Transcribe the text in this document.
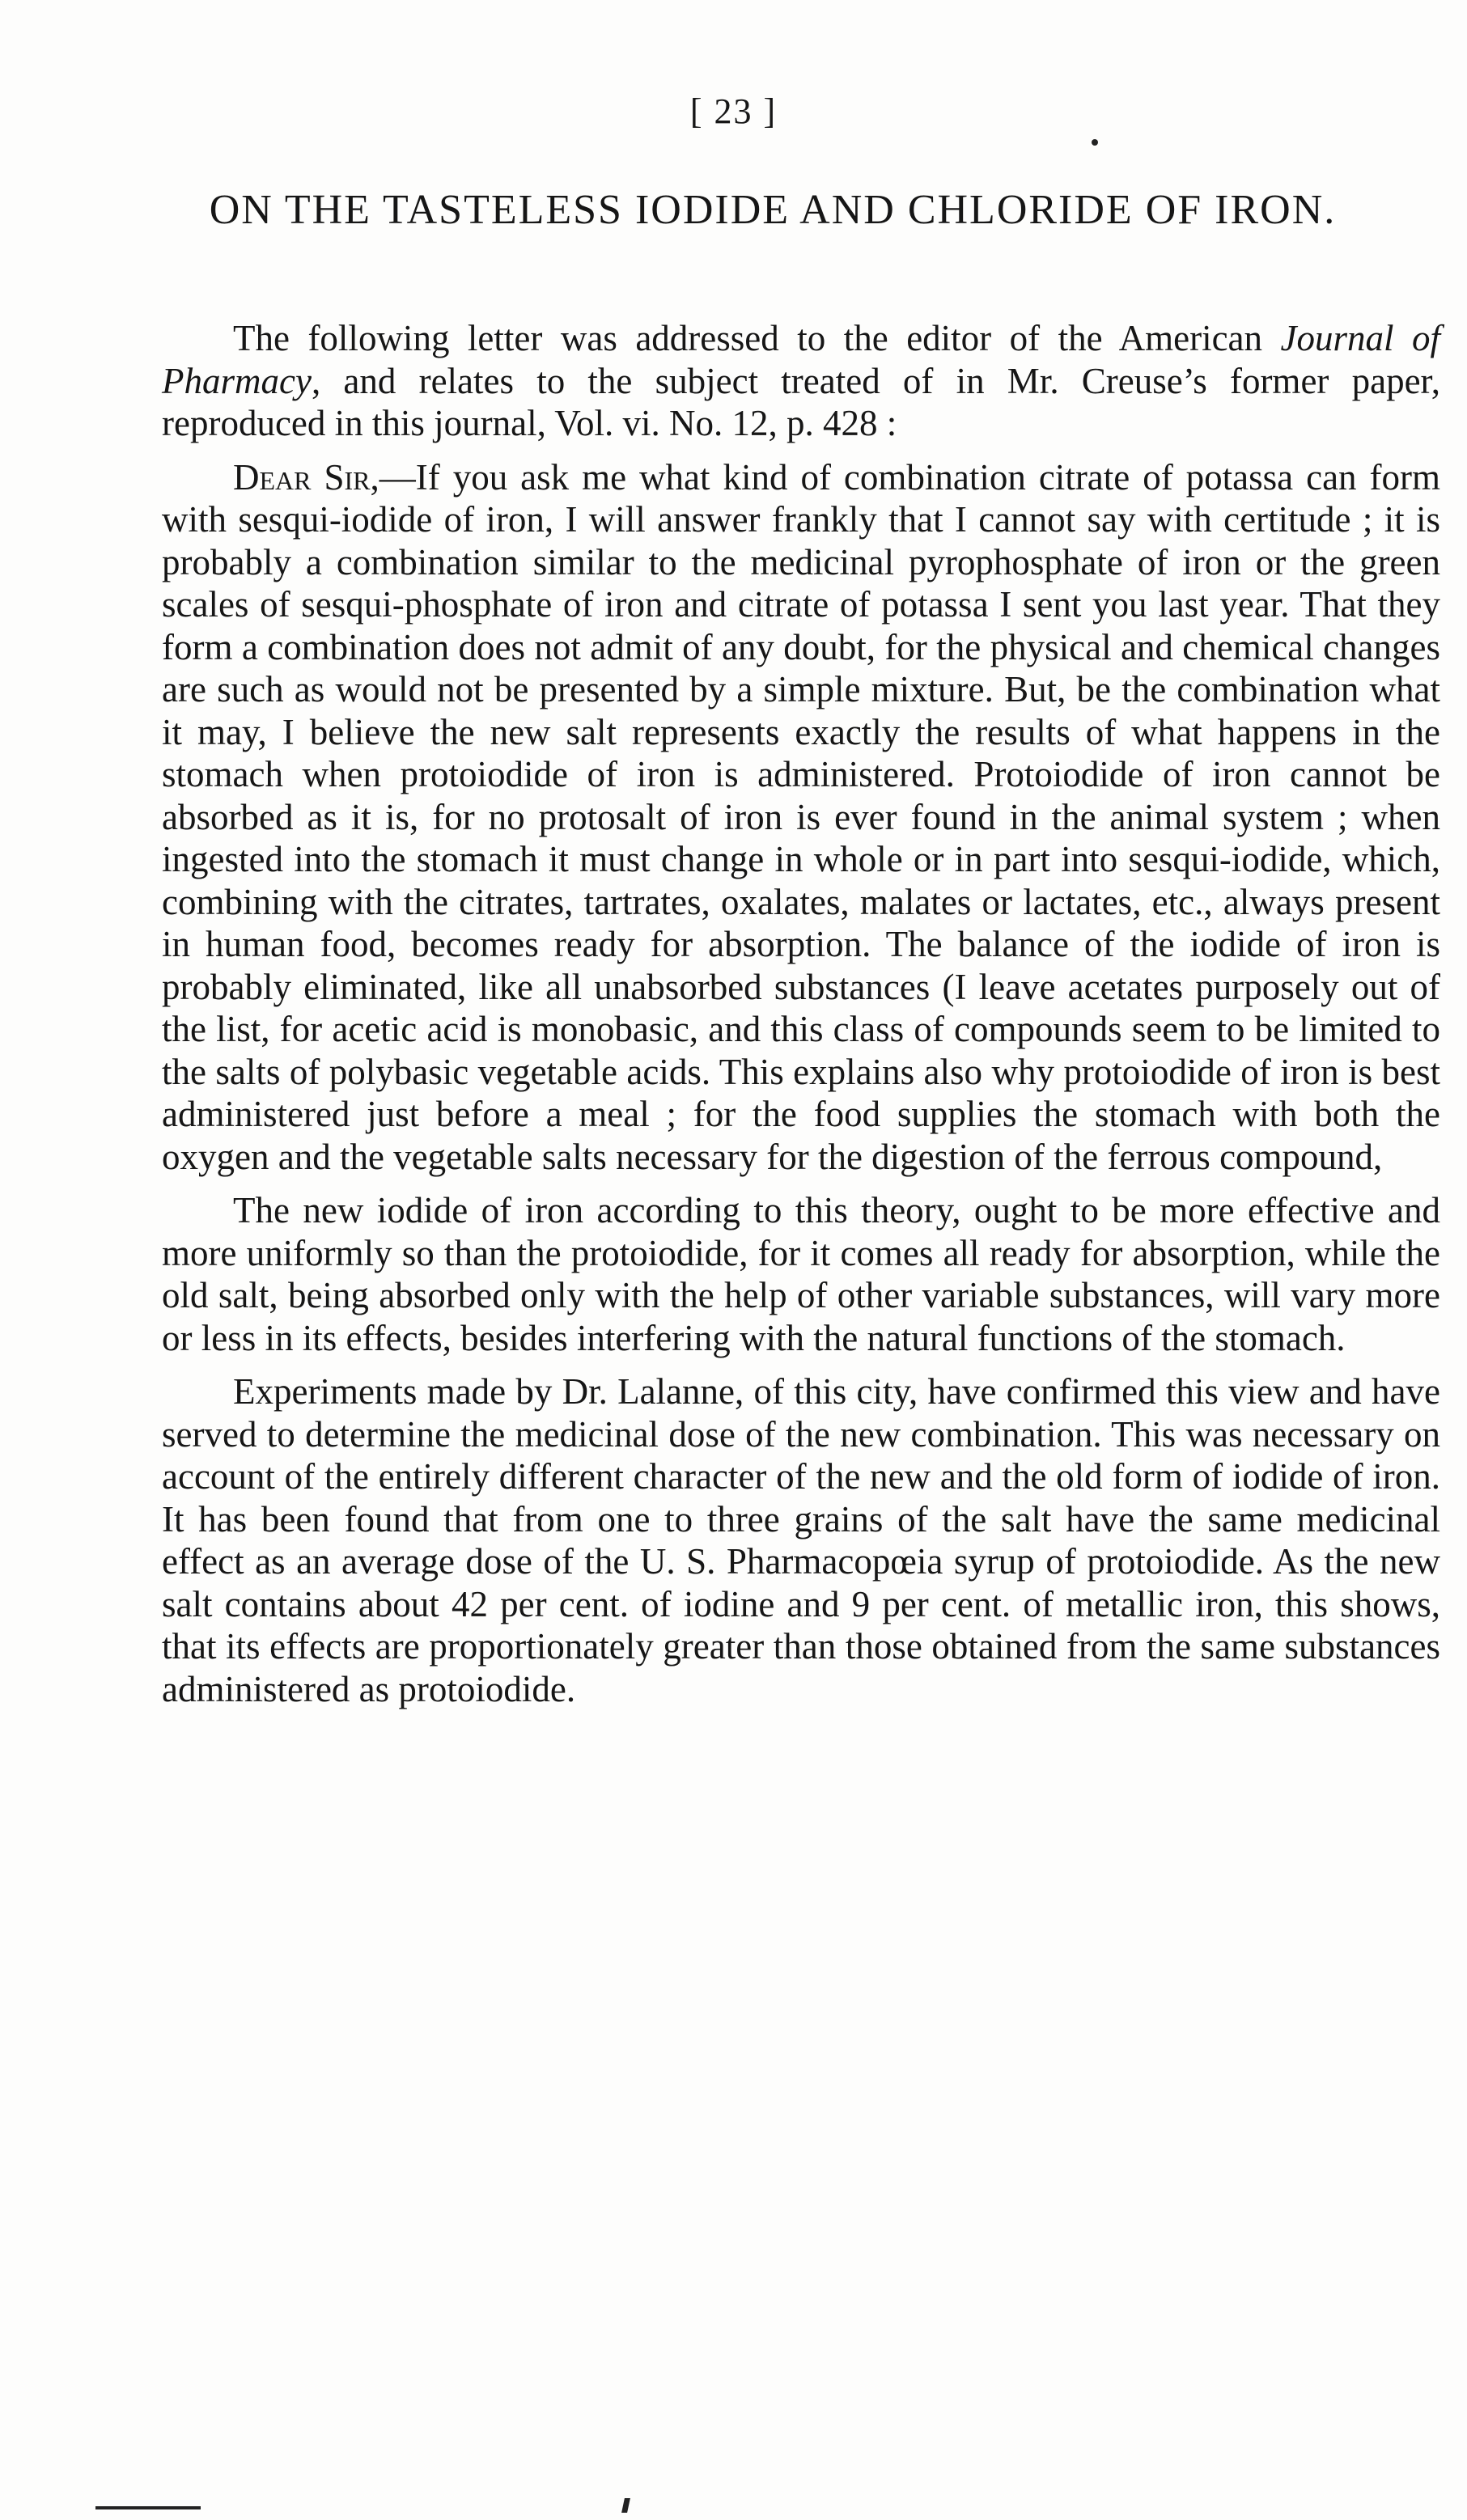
[ 23 ]
ON THE TASTELESS IODIDE AND CHLORIDE OF IRON.

The following letter was addressed to the editor of the American Journal of Pharmacy, and relates to the subject treated of in Mr. Creuse’s former paper, reproduced in this journal, Vol. vi. No. 12, p. 428 :

Dear Sir,—If you ask me what kind of combination citrate of potassa can form with sesqui-iodide of iron, I will answer frankly that I cannot say with certitude ; it is probably a combination similar to the medicinal pyrophosphate of iron or the green scales of sesqui-phosphate of iron and citrate of potassa I sent you last year. That they form a combination does not admit of any doubt, for the physical and chemical changes are such as would not be presented by a simple mixture. But, be the combination what it may, I believe the new salt represents exactly the results of what happens in the stomach when protoiodide of iron is administered. Protoiodide of iron cannot be absorbed as it is, for no protosalt of iron is ever found in the animal system ; when ingested into the stomach it must change in whole or in part into sesqui-iodide, which, combining with the citrates, tartrates, oxalates, malates or lactates, etc., always present in human food, becomes ready for absorption. The balance of the iodide of iron is probably eliminated, like all unabsorbed substances (I leave acetates purposely out of the list, for acetic acid is monobasic, and this class of compounds seem to be limited to the salts of polybasic vegetable acids. This explains also why protoiodide of iron is best administered just before a meal ; for the food supplies the stomach with both the oxygen and the vegetable salts necessary for the digestion of the ferrous compound,

The new iodide of iron according to this theory, ought to be more effective and more uniformly so than the protoiodide, for it comes all ready for absorption, while the old salt, being absorbed only with the help of other variable substances, will vary more or less in its effects, besides interfering with the natural functions of the stomach.

Experiments made by Dr. Lalanne, of this city, have confirmed this view and have served to determine the medicinal dose of the new combination. This was necessary on account of the entirely different character of the new and the old form of iodide of iron. It has been found that from one to three grains of the salt have the same medicinal effect as an average dose of the U. S. Pharmacopœia syrup of protoiodide. As the new salt contains about 42 per cent. of iodine and 9 per cent. of metallic iron, this shows, that its effects are proportionately greater than those obtained from the same substances administered as protoiodide.
